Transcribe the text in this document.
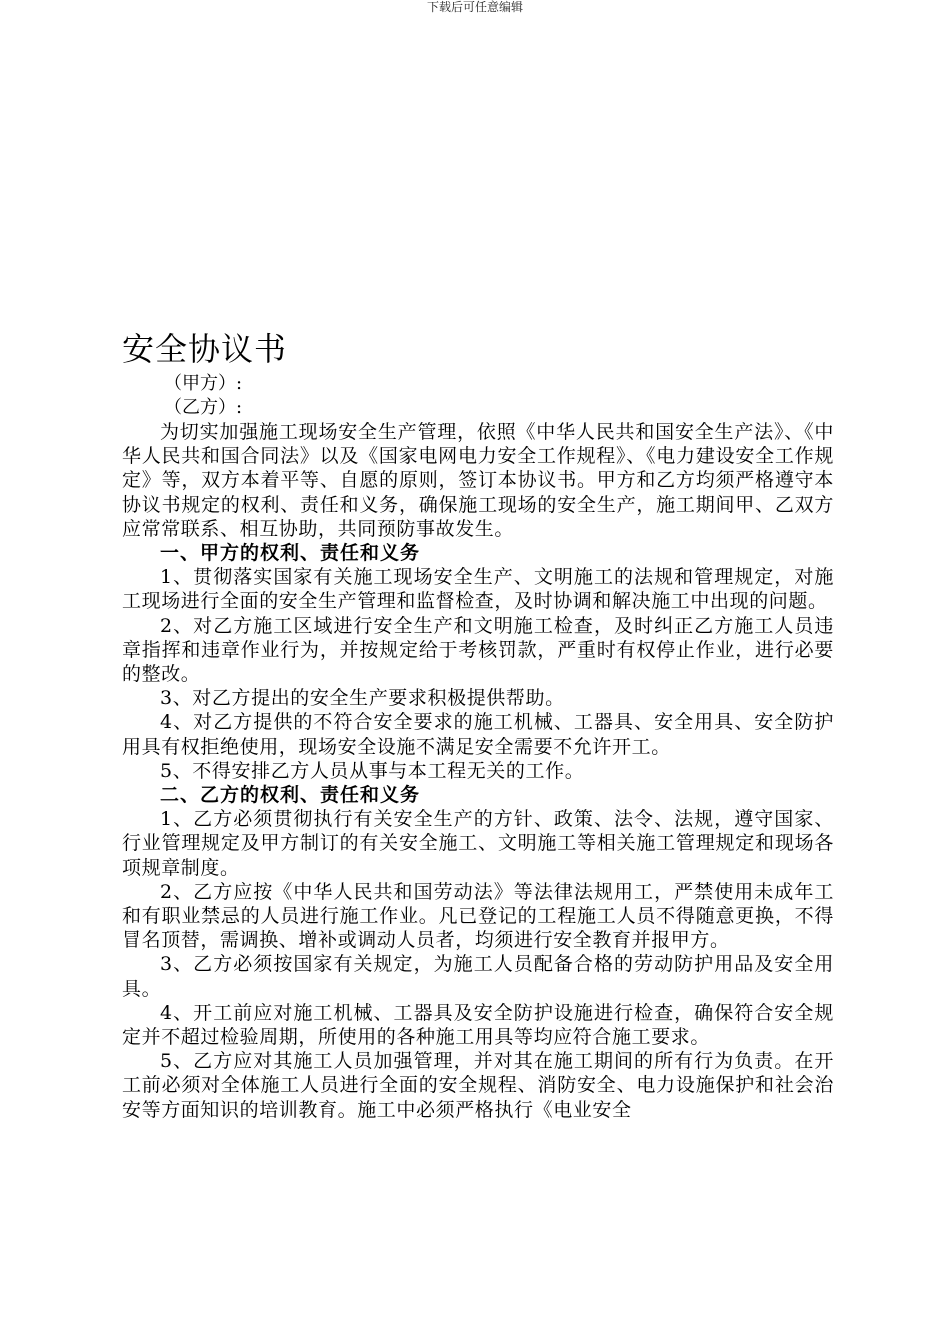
下载后可任意编辑
安全协议书

（甲方）:

（乙方）:

为切实加强施工现场安全生产管理，依照《中华人民共和国安全生产法》、《中华人民共和国合同法》以及《国家电网电力安全工作规程》、《电力建设安全工作规定》等，双方本着平等、自愿的原则，签订本协议书。甲方和乙方均须严格遵守本协议书规定的权利、责任和义务，确保施工现场的安全生产，施工期间甲、乙双方应常常联系、相互协助，共同预防事故发生。

一、甲方的权利、责任和义务

1、贯彻落实国家有关施工现场安全生产、文明施工的法规和管理规定，对施工现场进行全面的安全生产管理和监督检查，及时协调和解决施工中出现的问题。

2、对乙方施工区域进行安全生产和文明施工检查，及时纠正乙方施工人员违章指挥和违章作业行为，并按规定给于考核罚款，严重时有权停止作业，进行必要的整改。

3、对乙方提出的安全生产要求积极提供帮助。

4、对乙方提供的不符合安全要求的施工机械、工器具、安全用具、安全防护用具有权拒绝使用，现场安全设施不满足安全需要不允许开工。

5、不得安排乙方人员从事与本工程无关的工作。

二、乙方的权利、责任和义务

1、乙方必须贯彻执行有关安全生产的方针、政策、法令、法规，遵守国家、行业管理规定及甲方制订的有关安全施工、文明施工等相关施工管理规定和现场各项规章制度。

2、乙方应按《中华人民共和国劳动法》等法律法规用工，严禁使用未成年工和有职业禁忌的人员进行施工作业。凡已登记的工程施工人员不得随意更换，不得冒名顶替，需调换、增补或调动人员者，均须进行安全教育并报甲方。

3、乙方必须按国家有关规定，为施工人员配备合格的劳动防护用品及安全用具。

4、开工前应对施工机械、工器具及安全防护设施进行检查，确保符合安全规定并不超过检验周期，所使用的各种施工用具等均应符合施工要求。

5、乙方应对其施工人员加强管理，并对其在施工期间的所有行为负责。在开工前必须对全体施工人员进行全面的安全规程、消防安全、电力设施保护和社会治安等方面知识的培训教育。施工中必须严格执行《电业安全
